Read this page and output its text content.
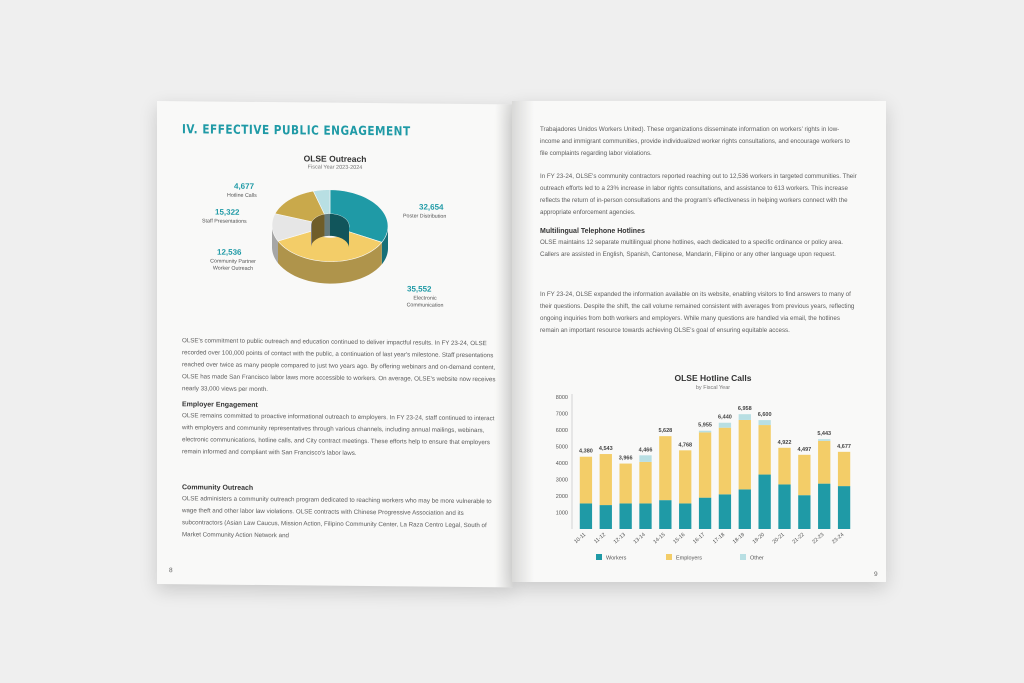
IV. EFFECTIVE PUBLIC ENGAGEMENT
OLSE Outreach
Fiscal Year 2023-2024
4,677
Hotline Calls
15,322
Staff Presentations
12,536
Community Partner Worker Outreach
32,654
Poster Distribution
35,552
Electronic Communication

OLSE's commitment to public outreach and education continued to deliver impactful results. In FY 23-24, OLSE recorded over 100,000 points of contact with the public, a continuation of last year's milestone. Staff presentations reached over twice as many people compared to just two years ago. By offering webinars and on-demand content, OLSE has made San Francisco labor laws more accessible to workers. On average, OLSE's website now receives nearly 33,000 views per month.

Employer Engagement

OLSE remains committed to proactive informational outreach to employers. In FY 23-24, staff continued to interact with employers and community representatives through various channels, including annual mailings, webinars, electronic communications, hotline calls, and City contract meetings. These efforts help to ensure that employers remain informed and compliant with San Francisco's labor laws.

Community Outreach

OLSE administers a community outreach program dedicated to reaching workers who may be more vulnerable to wage theft and other labor law violations. OLSE contracts with Chinese Progressive Association and its subcontractors (Asian Law Caucus, Mission Action, Filipino Community Center, La Raza Centro Legal, South of Market Community Action Network and

8

Trabajadores Unidos Workers United). These organizations disseminate information on workers' rights in low-income and immigrant communities, provide individualized worker rights consultations, and encourage workers to file complaints regarding labor violations.

In FY 23-24, OLSE's community contractors reported reaching out to 12,536 workers in targeted communities. Their outreach efforts led to a 23% increase in labor rights consultations, and assistance to 613 workers. This increase reflects the return of in-person consultations and the program's effectiveness in helping workers connect with the appropriate enforcement agencies.

Multilingual Telephone Hotlines

OLSE maintains 12 separate multilingual phone hotlines, each dedicated to a specific ordinance or policy area. Callers are assisted in English, Spanish, Cantonese, Mandarin, Filipino or any other language upon request.

In FY 23-24, OLSE expanded the information available on its website, enabling visitors to find answers to many of their questions. Despite the shift, the call volume remained consistent with averages from previous years, reflecting ongoing inquiries from both workers and employers. While many questions are handled via email, the hotlines remain an important resource towards achieving OLSE's goal of ensuring equitable access.

OLSE Hotline Calls
by Fiscal Year
1000
2000
3000
4000
5000
6000
7000
8000
4,380
10-11
4,543
11-12
3,966
12-13
4,466
13-14
5,628
14-15
4,768
15-16
5,955
16-17
6,440
17-18
6,958
18-19
6,600
19-20
4,922
20-21
4,497
21-22
5,443
22-23
4,677
23-24
Workers	Employers	Other
9
